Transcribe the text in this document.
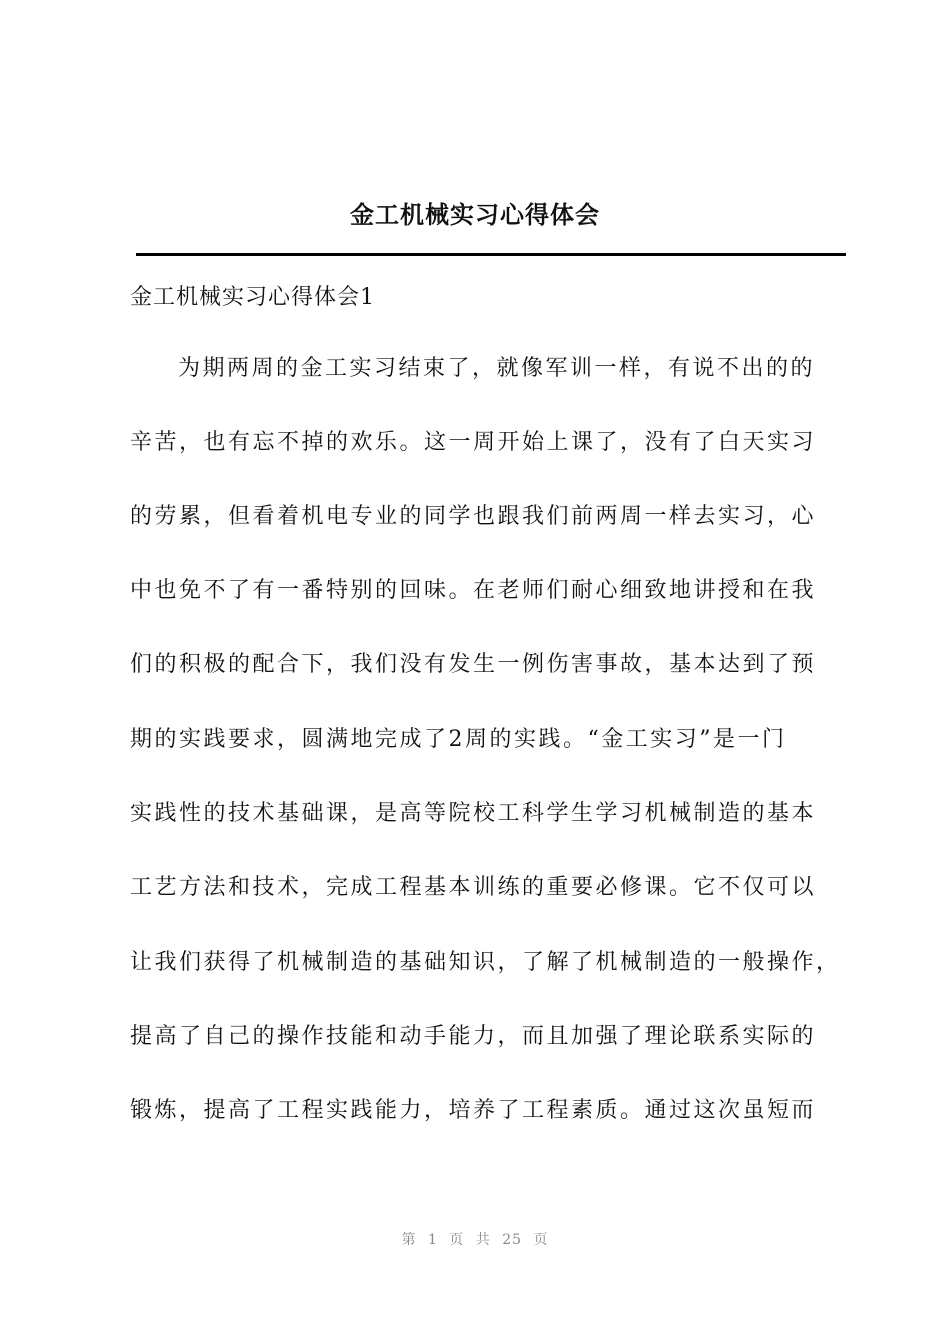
金工机械实习心得体会
金工机械实习心得体会1
为期两周的金工实习结束了，就像军训一样，有说不出的的
辛苦，也有忘不掉的欢乐。这一周开始上课了，没有了白天实习
的劳累，但看着机电专业的同学也跟我们前两周一样去实习，心
中也免不了有一番特别的回味。在老师们耐心细致地讲授和在我
们的积极的配合下，我们没有发生一例伤害事故，基本达到了预
期的实践要求，圆满地完成了2周的实践。“金工实习”是一门
实践性的技术基础课，是高等院校工科学生学习机械制造的基本
工艺方法和技术，完成工程基本训练的重要必修课。它不仅可以
让我们获得了机械制造的基础知识，了解了机械制造的一般操作，
提高了自己的操作技能和动手能力，而且加强了理论联系实际的
锻炼，提高了工程实践能力，培养了工程素质。通过这次虽短而
第 1 页 共 25 页
